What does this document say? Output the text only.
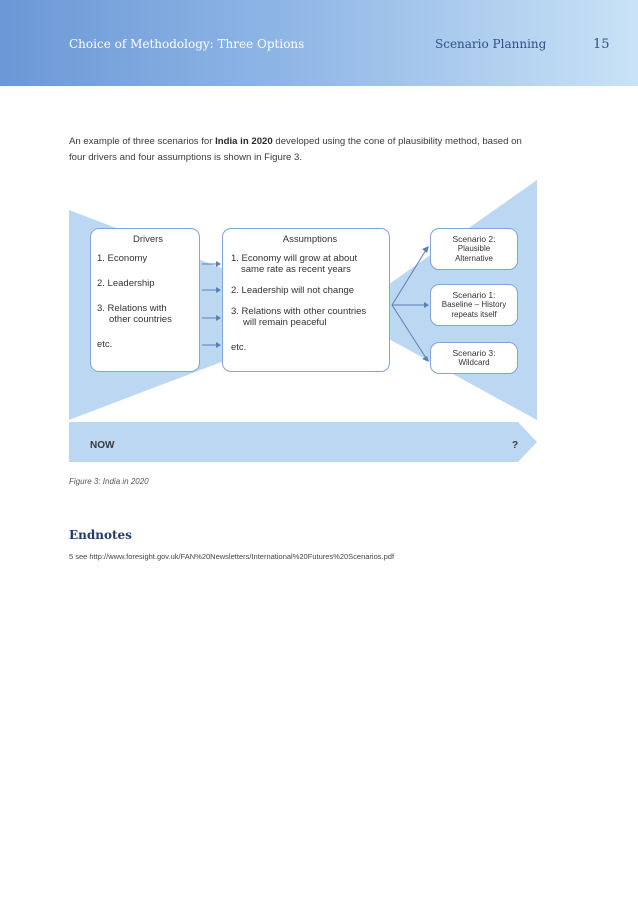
Choice of Methodology: Three Options	Scenario Planning	15
An example of three scenarios for India in 2020 developed using the cone of plausibility method, based on four drivers and four assumptions is shown in Figure 3.
Drivers
1. Economy
2. Leadership
3. Relations with
other countries
etc.
Assumptions
1. Economy will grow at about
same rate as recent years
2. Leadership will not change
3. Relations with other countries
will remain peaceful
etc.
Scenario 2:
Plausible
Alternative
Scenario 1:
Baseline – History
repeats itself
Scenario 3:
Wildcard
NOW	?
Figure 3: India in 2020
Endnotes
5 see http://www.foresight.gov.uk/FAN%20Newsletters/International%20Futures%20Scenarios.pdf
